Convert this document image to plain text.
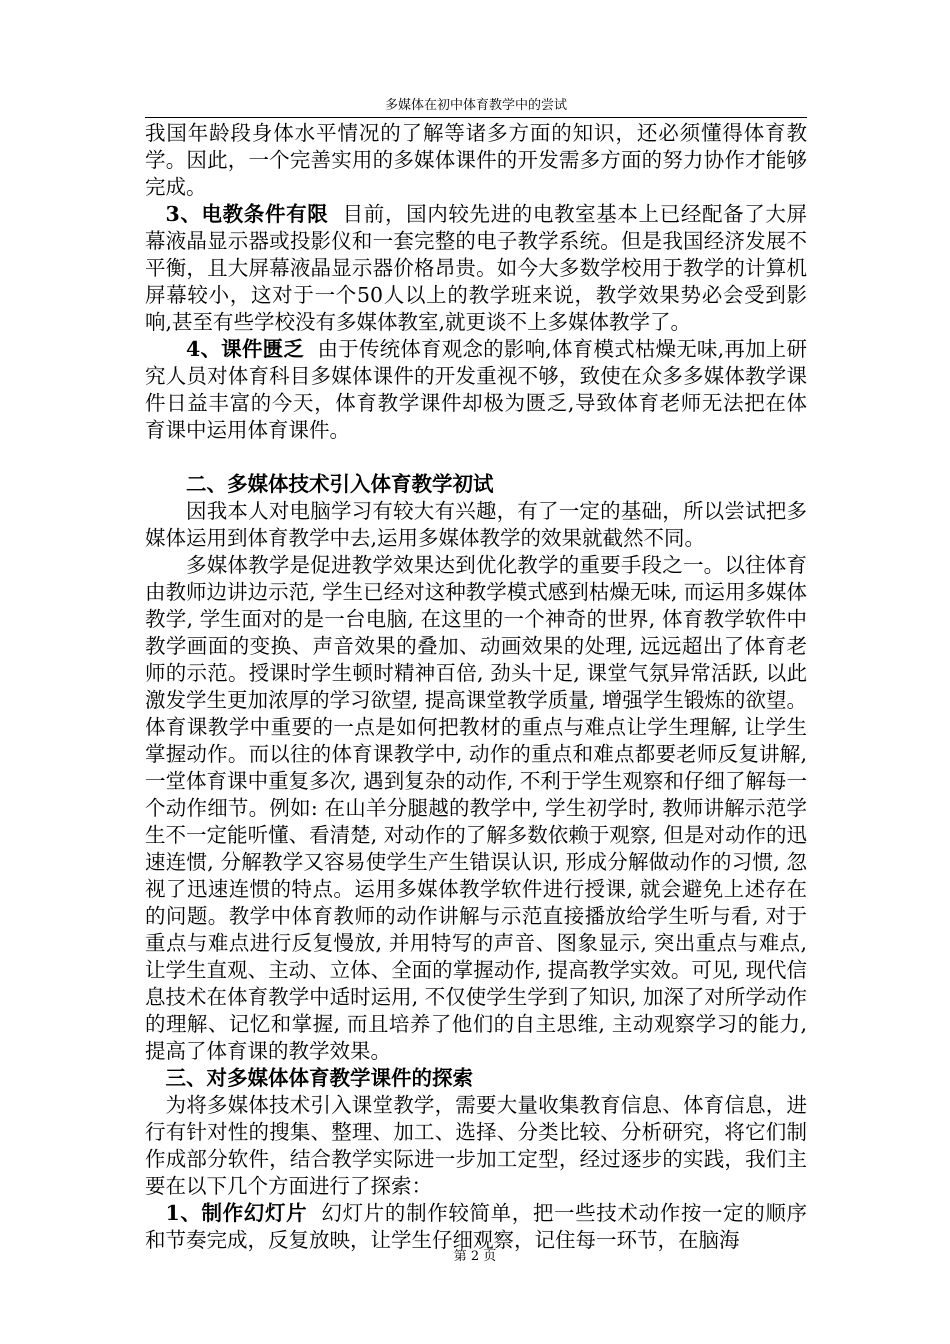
多媒体在初中体育教学中的尝试

我国年龄段身体水平情况的了解等诸多方面的知识，还必须懂得体育教学。因此，一个完善实用的多媒体课件的开发需多方面的努力协作才能够完成。

3、电教条件有限 目前，国内较先进的电教室基本上已经配备了大屏幕液晶显示器或投影仪和一套完整的电子教学系统。但是我国经济发展不平衡，且大屏幕液晶显示器价格昂贵。如今大多数学校用于教学的计算机屏幕较小，这对于一个50人以上的教学班来说，教学效果势必会受到影响,甚至有些学校没有多媒体教室,就更谈不上多媒体教学了。

4、课件匮乏 由于传统体育观念的影响,体育模式枯燥无味,再加上研究人员对体育科目多媒体课件的开发重视不够，致使在众多多媒体教学课件日益丰富的今天，体育教学课件却极为匮乏,导致体育老师无法把在体育课中运用体育课件。

二、多媒体技术引入体育教学初试

因我本人对电脑学习有较大有兴趣，有了一定的基础，所以尝试把多媒体运用到体育教学中去,运用多媒体教学的效果就截然不同。

多媒体教学是促进教学效果达到优化教学的重要手段之一。以往体育由教师边讲边示范, 学生已经对这种教学模式感到枯燥无味, 而运用多媒体教学, 学生面对的是一台电脑, 在这里的一个神奇的世界, 体育教学软件中教学画面的变换、声音效果的叠加、动画效果的处理, 远远超出了体育老师的示范。授课时学生顿时精神百倍, 劲头十足, 课堂气氛异常活跃, 以此激发学生更加浓厚的学习欲望, 提高课堂教学质量, 增强学生锻炼的欲望。体育课教学中重要的一点是如何把教材的重点与难点让学生理解, 让学生掌握动作。而以往的体育课教学中, 动作的重点和难点都要老师反复讲解, 一堂体育课中重复多次, 遇到复杂的动作, 不利于学生观察和仔细了解每一个动作细节。例如: 在山羊分腿越的教学中, 学生初学时, 教师讲解示范学生不一定能听懂、看清楚, 对动作的了解多数依赖于观察, 但是对动作的迅速连惯, 分解教学又容易使学生产生错误认识, 形成分解做动作的习惯, 忽视了迅速连惯的特点。运用多媒体教学软件进行授课, 就会避免上述存在的问题。教学中体育教师的动作讲解与示范直接播放给学生听与看, 对于重点与难点进行反复慢放, 并用特写的声音、图象显示, 突出重点与难点, 让学生直观、主动、立体、全面的掌握动作, 提高教学实效。可见, 现代信息技术在体育教学中适时运用, 不仅使学生学到了知识, 加深了对所学动作的理解、记忆和掌握, 而且培养了他们的自主思维, 主动观察学习的能力, 提高了体育课的教学效果。

三、对多媒体体育教学课件的探索

为将多媒体技术引入课堂教学，需要大量收集教育信息、体育信息，进行有针对性的搜集、整理、加工、选择、分类比较、分析研究，将它们制作成部分软件，结合教学实际进一步加工定型，经过逐步的实践，我们主要在以下几个方面进行了探索：

1、制作幻灯片 幻灯片的制作较简单，把一些技术动作按一定的顺序和节奏完成，反复放映，让学生仔细观察，记住每一环节，在脑海

第 2 页
